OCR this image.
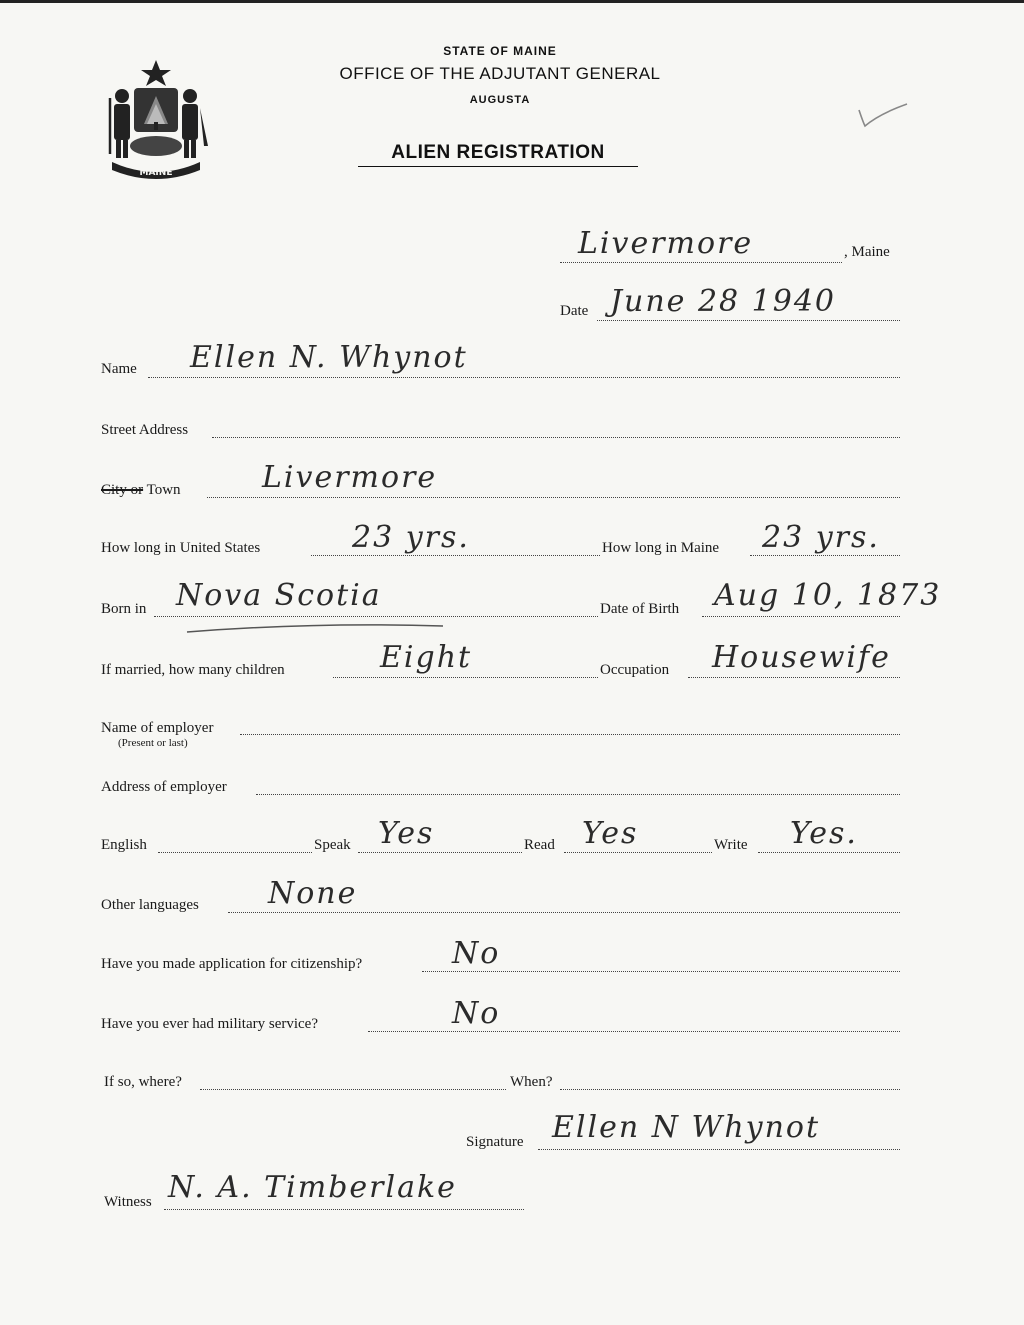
MAINE
STATE OF MAINE
OFFICE OF THE ADJUTANT GENERAL
AUGUSTA
ALIEN REGISTRATION
Livermore	, Maine
Date June 28 1940
Name Ellen N. Whynot
Street Address
City or Town	Livermore
How long in United States	23 yrs.	How long in Maine 23 yrs.
Born in Nova Scotia	Date of Birth Aug 10, 1873
If married, how many children	Eight	Occupation Housewife
Name of employer
(Present or last)
Address of employer
English	Speak Yes	Read Yes	Write Yes.
Other languages None
Have you made application for citizenship?	No
Have you ever had military service?	No
If so, where?	When?
Signature Ellen N Whynot
Witness N. A. Timberlake
